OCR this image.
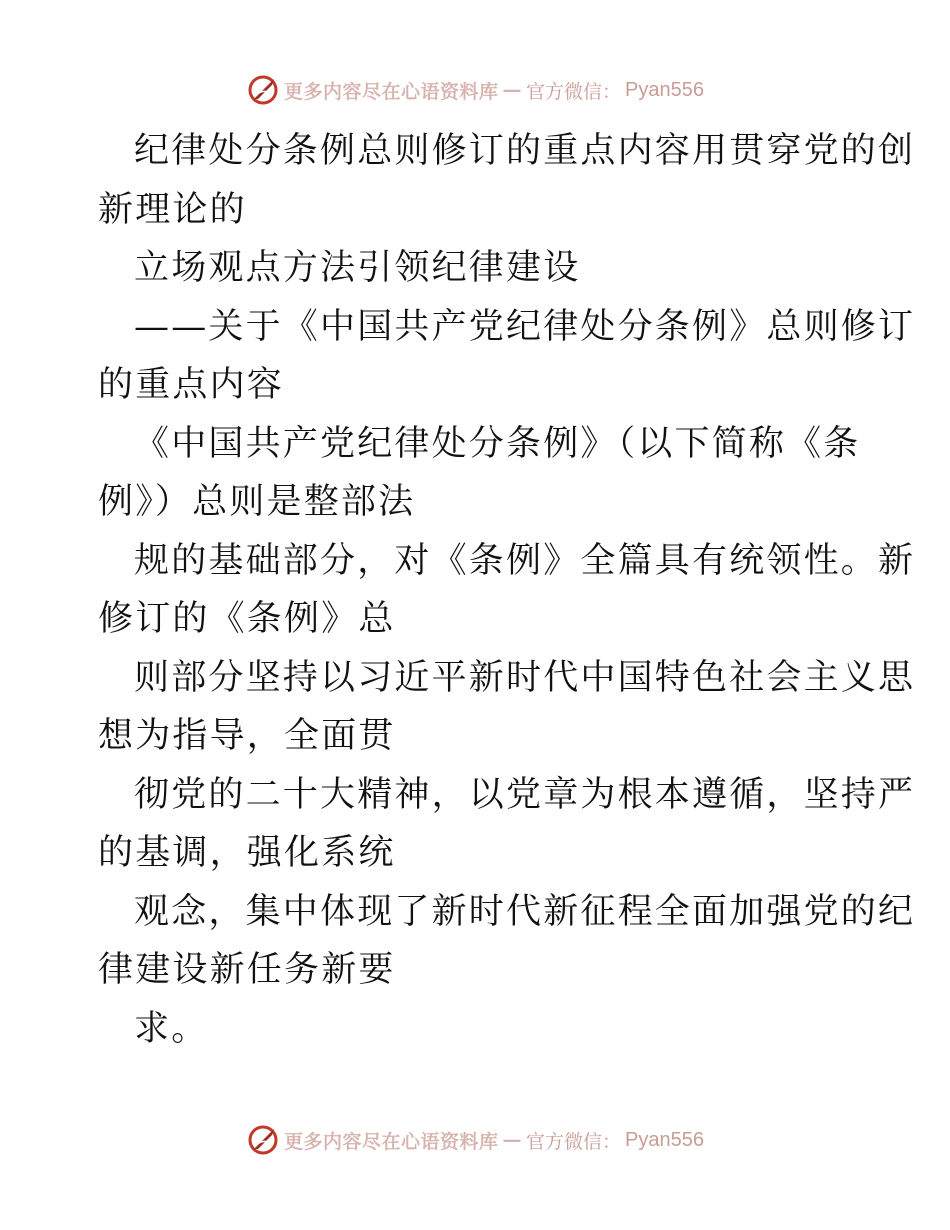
更多内容尽在心语资料库 — 官方微信： Pyan556

纪律处分条例总则修订的重点内容用贯穿党的创
新理论的

立场观点方法引领纪律建设

——关于《中国共产党纪律处分条例》总则修订
的重点内容

《中国共产党纪律处分条例》（以下简称《条
例》）总则是整部法

规的基础部分，对《条例》全篇具有统领性。新
修订的《条例》总

则部分坚持以习近平新时代中国特色社会主义思
想为指导，全面贯

彻党的二十大精神，以党章为根本遵循，坚持严
的基调，强化系统

观念，集中体现了新时代新征程全面加强党的纪
律建设新任务新要

求。

更多内容尽在心语资料库 — 官方微信： Pyan556
